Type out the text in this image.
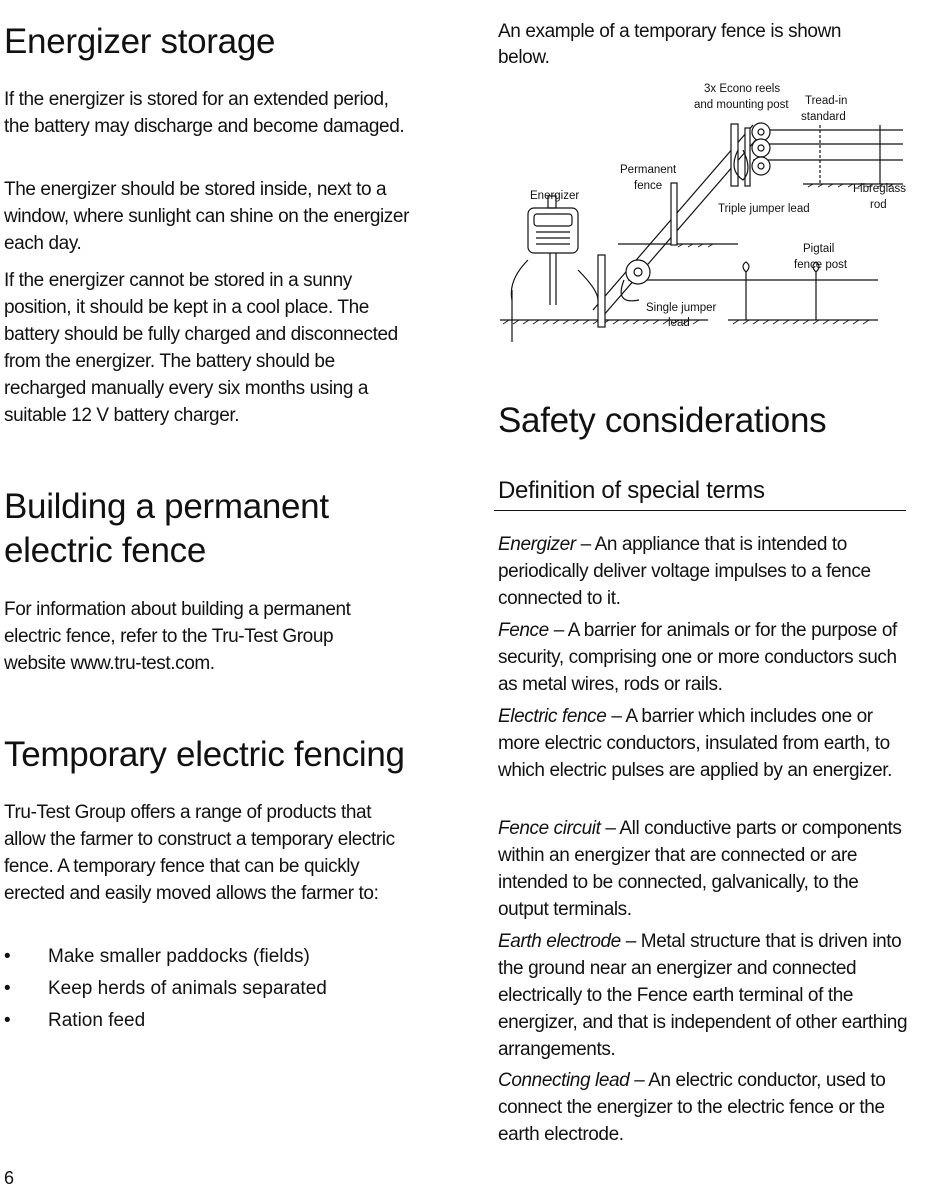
Energizer storage

If the energizer is stored for an extended period, the battery may discharge and become damaged.

The energizer should be stored inside, next to a window, where sunlight can shine on the energizer each day.

If the energizer cannot be stored in a sunny position, it should be kept in a cool place. The battery should be fully charged and disconnected from the energizer. The battery should be recharged manually every six months using a suitable 12 V battery charger.

Building a permanent
electric fence

For information about building a permanent electric fence, refer to the Tru-Test Group website www.tru-test.com.

Temporary electric fencing

Tru-Test Group offers a range of products that allow the farmer to construct a temporary electric fence. A temporary fence that can be quickly erected and easily moved allows the farmer to:

• Make smaller paddocks (fields)
• Keep herds of animals separated
• Ration feed

An example of a temporary fence is shown below.

3x Econo reels
and mounting post Tread-in
standard
Permanent
fence
Energizer
Fibreglass
rod
Triple jumper lead
Pigtail
fence post
Single jumper
lead
Safety considerations
Definition of special terms

Energizer – An appliance that is intended to periodically deliver voltage impulses to a fence connected to it.

Fence – A barrier for animals or for the purpose of security, comprising one or more conductors such as metal wires, rods or rails.

Electric fence – A barrier which includes one or more electric conductors, insulated from earth, to which electric pulses are applied by an energizer.

Fence circuit – All conductive parts or components within an energizer that are connected or are intended to be connected, galvanically, to the output terminals.

Earth electrode – Metal structure that is driven into the ground near an energizer and connected electrically to the Fence earth terminal of the energizer, and that is independent of other earthing arrangements.

Connecting lead – An electric conductor, used to connect the energizer to the electric fence or the earth electrode.

6
